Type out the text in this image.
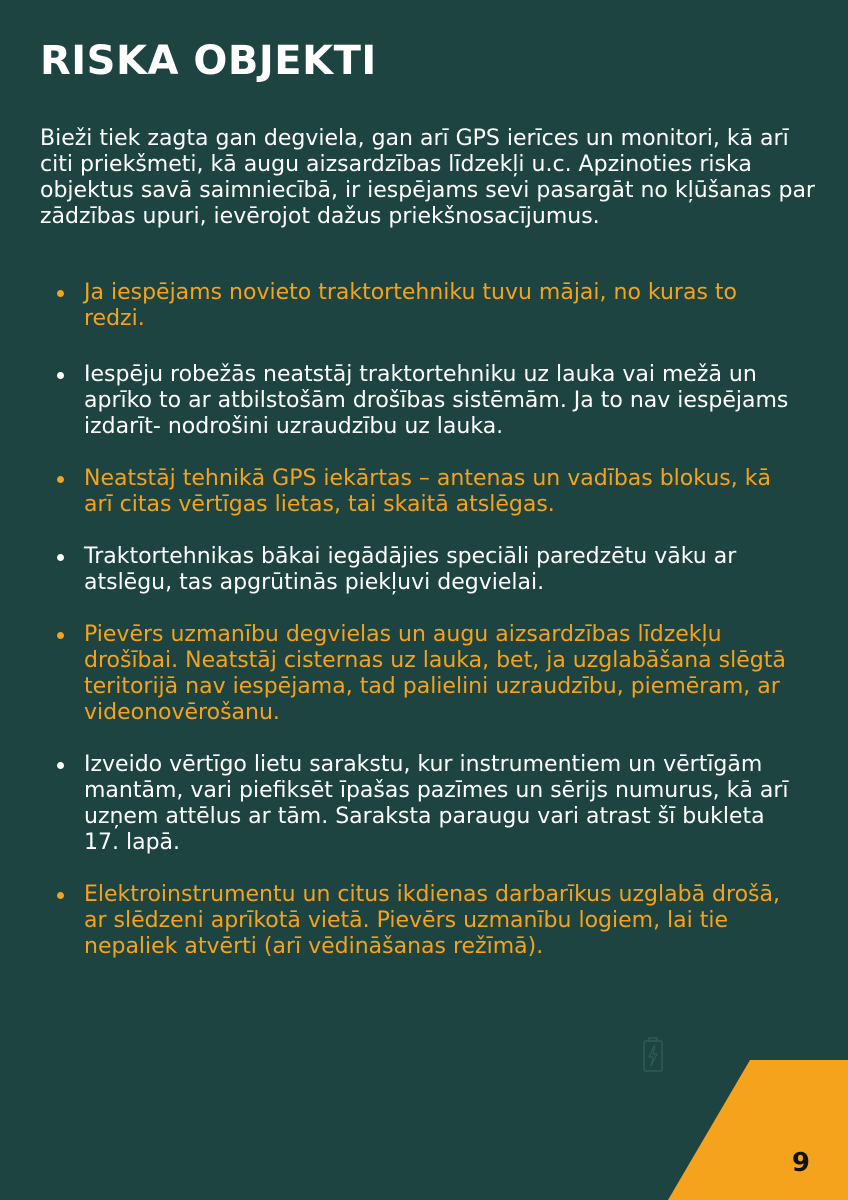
RISKA OBJEKTI

Bieži tiek zagta gan degviela, gan arī GPS ierīces un monitori, kā arī citi priekšmeti, kā augu aizsardzības līdzekļi u.c. Apzinoties riska objektus savā saimniecībā, ir iespējams sevi pasargāt no kļūšanas par zādzības upuri, ievērojot dažus priekšnosacījumus.

Ja iespējams novieto traktortehniku tuvu mājai, no kuras to redzi.
Iespēju robežās neatstāj traktortehniku uz lauka vai mežā un aprīko to ar atbilstošām drošības sistēmām. Ja to nav iespējams izdarīt- nodrošini uzraudzību uz lauka.
Neatstāj tehnikā GPS iekārtas – antenas un vadības blokus, kā arī citas vērtīgas lietas, tai skaitā atslēgas.
Traktortehnikas bākai iegādājies speciāli paredzētu vāku ar atslēgu, tas apgrūtinās piekļuvi degvielai.
Pievērs uzmanību degvielas un augu aizsardzības līdzekļu drošībai. Neatstāj cisternas uz lauka, bet, ja uzglabāšana slēgtā teritorijā nav iespējama, tad palielini uzraudzību, piemēram, ar videonovērošanu.
Izveido vērtīgo lietu sarakstu, kur instrumentiem un vērtīgām mantām, vari piefiksēt īpašas pazīmes un sērijs numurus, kā arī uzņem attēlus ar tām. Saraksta paraugu vari atrast šī bukleta 17. lapā.
Elektroinstrumentu un citus ikdienas darbarīkus uzglabā drošā, ar slēdzeni aprīkotā vietā. Pievērs uzmanību logiem, lai tie nepaliek atvērti (arī vēdināšanas režīmā).
9
